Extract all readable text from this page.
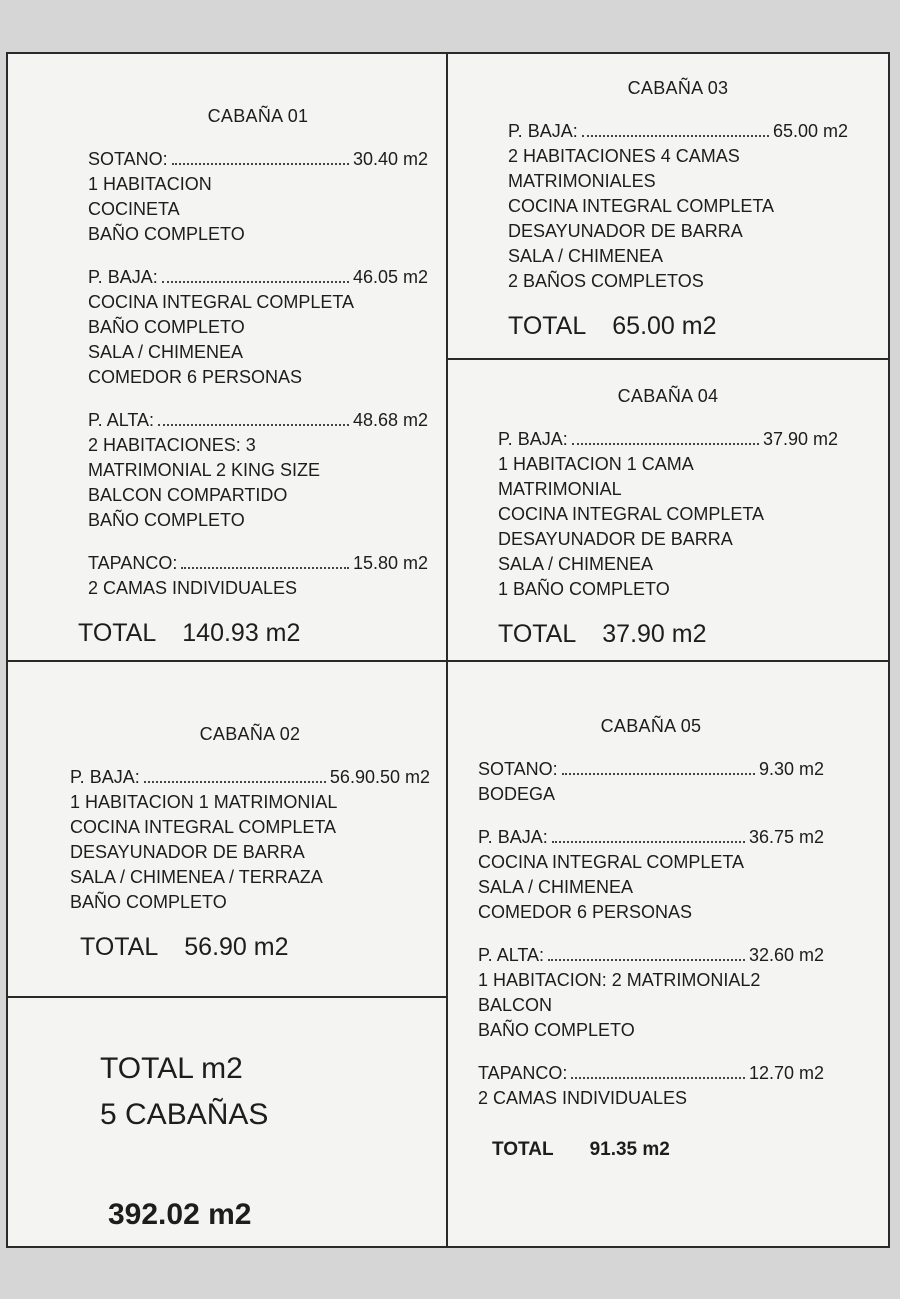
CABAÑA 01
SOTANO:	30.40 m2
1 HABITACION
COCINETA
BAÑO COMPLETO
P. BAJA:	46.05 m2
COCINA INTEGRAL COMPLETA
BAÑO COMPLETO
SALA / CHIMENEA
COMEDOR 6 PERSONAS
P. ALTA:	48.68 m2
2 HABITACIONES: 3
MATRIMONIAL 2 KING SIZE
BALCON COMPARTIDO
BAÑO COMPLETO
TAPANCO:	15.80 m2
2 CAMAS INDIVIDUALES
TOTAL 140.93 m2
CABAÑA 03
P. BAJA:	65.00 m2
2 HABITACIONES 4 CAMAS
MATRIMONIALES
COCINA INTEGRAL COMPLETA
DESAYUNADOR DE BARRA
SALA / CHIMENEA
2 BAÑOS COMPLETOS
TOTAL 65.00 m2
CABAÑA 04
P. BAJA:	37.90 m2
1 HABITACION 1 CAMA
MATRIMONIAL
COCINA INTEGRAL COMPLETA
DESAYUNADOR DE BARRA
SALA / CHIMENEA
1 BAÑO COMPLETO
TOTAL 37.90 m2
CABAÑA 02
P. BAJA:	56.90.50 m2
1 HABITACION 1 MATRIMONIAL
COCINA INTEGRAL COMPLETA
DESAYUNADOR DE BARRA
SALA / CHIMENEA / TERRAZA
BAÑO COMPLETO
TOTAL 56.90 m2
CABAÑA 05
SOTANO:	9.30 m2
BODEGA
P. BAJA:	36.75 m2
COCINA INTEGRAL COMPLETA
SALA / CHIMENEA
COMEDOR 6 PERSONAS
P. ALTA:	32.60 m2
1 HABITACION: 2 MATRIMONIAL2
BALCON
BAÑO COMPLETO
TAPANCO:	12.70 m2
2 CAMAS INDIVIDUALES
TOTAL 91.35 m2
TOTAL m2
5 CABAÑAS
392.02 m2
